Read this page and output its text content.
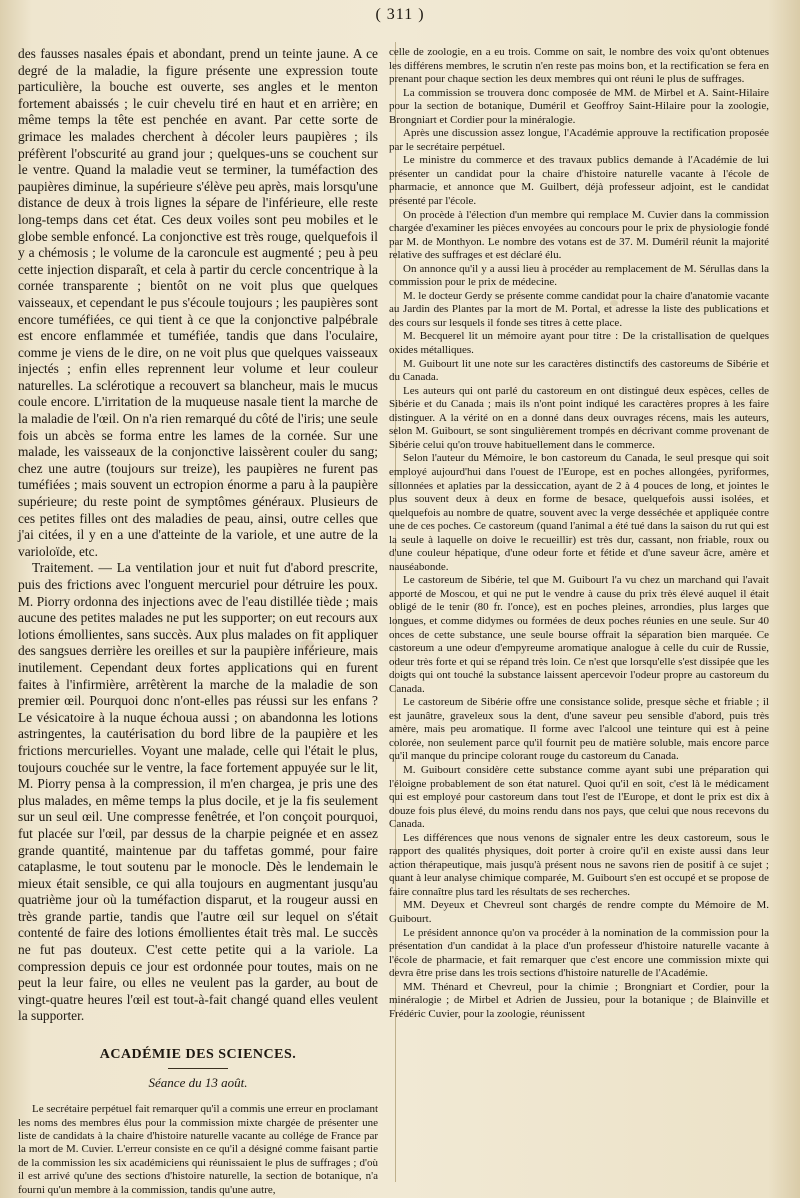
( 311 )

des fausses nasales épais et abondant, prend un teinte jaune. A ce degré de la maladie, la figure présente une expression toute particulière, la bouche est ouverte, ses angles et le menton fortement abaissés ; le cuir chevelu tiré en haut et en arrière; en même temps la tête est penchée en avant. Par cette sorte de grimace les malades cherchent à décoler leurs paupières ; ils préfèrent l'obscurité au grand jour ; quelques-uns se couchent sur le ventre. Quand la maladie veut se terminer, la tuméfaction des paupières diminue, la supérieure s'élève peu après, mais lorsqu'une distance de deux à trois lignes la sépare de l'inférieure, elle reste long-temps dans cet état. Ces deux voiles sont peu mobiles et le globe semble enfoncé. La conjonctive est très rouge, quelquefois il y a chémosis ; le volume de la caroncule est augmenté ; peu à peu cette injection disparaît, et cela à partir du cercle concentrique à la cornée transparente ; bientôt on ne voit plus que quelques vaisseaux, et cependant le pus s'écoule toujours ; les paupières sont encore tuméfiées, ce qui tient à ce que la conjonctive palpébrale est encore enflammée et tuméfiée, tandis que dans l'oculaire, comme je viens de le dire, on ne voit plus que quelques vaisseaux injectés ; enfin elles reprennent leur volume et leur couleur naturelles. La sclérotique a recouvert sa blancheur, mais le mucus coule encore. L'irritation de la muqueuse nasale tient la marche de la maladie de l'œil. On n'a rien remarqué du côté de l'iris; une seule fois un abcès se forma entre les lames de la cornée. Sur une malade, les vaisseaux de la conjonctive laissèrent couler du sang; chez une autre (toujours sur treize), les paupières ne furent pas tuméfiées ; mais souvent un ectropion énorme a paru à la paupière supérieure; du reste point de symptômes généraux. Plusieurs de ces petites filles ont des maladies de peau, ainsi, outre celles que j'ai citées, il y en a une d'atteinte de la variole, et une autre de la varioloïde, etc.

Traitement. — La ventilation jour et nuit fut d'abord prescrite, puis des frictions avec l'onguent mercuriel pour détruire les poux. M. Piorry ordonna des injections avec de l'eau distillée tiède ; mais aucune des petites malades ne put les supporter; on eut recours aux lotions émollientes, sans succès. Aux plus malades on fit appliquer des sangsues derrière les oreilles et sur la paupière inférieure, mais inutilement. Cependant deux fortes applications qui en furent faites à l'infirmière, arrêtèrent la marche de la maladie de son premier œil. Pourquoi donc n'ont-elles pas réussi sur les enfans ? Le vésicatoire à la nuque échoua aussi ; on abandonna les lotions astringentes, la cautérisation du bord libre de la paupière et les frictions mercurielles. Voyant une malade, celle qui l'était le plus, toujours couchée sur le ventre, la face fortement appuyée sur le lit, M. Piorry pensa à la compression, il m'en chargea, je pris une des plus malades, en même temps la plus docile, et je la fis seulement sur un seul œil. Une compresse fenêtrée, et l'on conçoit pourquoi, fut placée sur l'œil, par dessus de la charpie peignée et en assez grande quantité, maintenue par du taffetas gommé, pour faire cataplasme, le tout soutenu par le monocle. Dès le lendemain le mieux était sensible, ce qui alla toujours en augmentant jusqu'au quatrième jour où la tuméfaction disparut, et la rougeur aussi en très grande partie, tandis que l'autre œil sur lequel on s'était contenté de faire des lotions émollientes était très mal. Le succès ne fut pas douteux. C'est cette petite qui a la variole. La compression depuis ce jour est ordonnée pour toutes, mais on ne peut la leur faire, ou elles ne veulent pas la garder, au bout de vingt-quatre heures l'œil est tout-à-fait changé quand elles veulent la supporter.

ACADÉMIE DES SCIENCES.
Séance du 13 août.

Le secrétaire perpétuel fait remarquer qu'il a commis une erreur en proclamant les noms des membres élus pour la commission mixte chargée de présenter une liste de candidats à la chaire d'histoire naturelle vacante au collége de France par la mort de M. Cuvier. L'erreur consiste en ce qu'il a désigné comme faisant partie de la commission les six académiciens qui réunissaient le plus de suffrages ; d'où il est arrivé qu'une des sections d'histoire naturelle, la section de botanique, n'a fourni qu'un membre à la commission, tandis qu'une autre,

celle de zoologie, en a eu trois. Comme on sait, le nombre des voix qu'ont obtenues les différens membres, le scrutin n'en reste pas moins bon, et la rectification se fera en prenant pour chaque section les deux membres qui ont réuni le plus de suffrages.

La commission se trouvera donc composée de MM. de Mirbel et A. Saint-Hilaire pour la section de botanique, Duméril et Geoffroy Saint-Hilaire pour la zoologie, Brongniart et Cordier pour la minéralogie.

Après une discussion assez longue, l'Académie approuve la rectification proposée par le secrétaire perpétuel.

Le ministre du commerce et des travaux publics demande à l'Académie de lui présenter un candidat pour la chaire d'histoire naturelle vacante à l'école de pharmacie, et annonce que M. Guilbert, déjà professeur adjoint, est le candidat présenté par l'école.

On procède à l'élection d'un membre qui remplace M. Cuvier dans la commission chargée d'examiner les pièces envoyées au concours pour le prix de physiologie fondé par M. de Monthyon. Le nombre des votans est de 37. M. Duméril réunit la majorité relative des suffrages et est déclaré élu.

On annonce qu'il y a aussi lieu à procéder au remplacement de M. Sérullas dans la commission pour le prix de médecine.

M. le docteur Gerdy se présente comme candidat pour la chaire d'anatomie vacante au Jardin des Plantes par la mort de M. Portal, et adresse la liste des publications et des cours sur lesquels il fonde ses titres à cette place.

M. Becquerel lit un mémoire ayant pour titre : De la cristallisation de quelques oxides métalliques.

M. Guibourt lit une note sur les caractères distinctifs des castoreums de Sibérie et du Canada.

Les auteurs qui ont parlé du castoreum en ont distingué deux espèces, celles de Sibérie et du Canada ; mais ils n'ont point indiqué les caractères propres à les faire distinguer. A la vérité on en a donné dans deux ouvrages récens, mais les auteurs, selon M. Guibourt, se sont singulièrement trompés en décrivant comme provenant de Sibérie celui qu'on trouve habituellement dans le commerce.

Selon l'auteur du Mémoire, le bon castoreum du Canada, le seul presque qui soit employé aujourd'hui dans l'ouest de l'Europe, est en poches allongées, pyriformes, sillonnées et aplaties par la dessiccation, ayant de 2 à 4 pouces de long, et jointes le plus souvent deux à deux en forme de besace, quelquefois aussi isolées, et quelquefois au nombre de quatre, souvent avec la verge desséchée et appliquée contre une de ces poches. Ce castoreum (quand l'animal a été tué dans la saison du rut qui est la seule à laquelle on doive le recueillir) est très dur, cassant, non friable, roux ou d'une couleur hépatique, d'une odeur forte et fétide et d'une saveur âcre, amère et nauséabonde.

Le castoreum de Sibérie, tel que M. Guibourt l'a vu chez un marchand qui l'avait apporté de Moscou, et qui ne put le vendre à cause du prix très élevé auquel il était obligé de le tenir (80 fr. l'once), est en poches pleines, arrondies, plus larges que longues, et comme didymes ou formées de deux poches réunies en une seule. Sur 40 onces de cette substance, une seule bourse offrait la séparation bien marquée. Ce castoreum a une odeur d'empyreume aromatique analogue à celle du cuir de Russie, odeur très forte et qui se répand très loin. Ce n'est que lorsqu'elle s'est dissipée que les doigts qui ont touché la substance laissent apercevoir l'odeur propre au castoreum du Canada.

Le castoreum de Sibérie offre une consistance solide, presque sèche et friable ; il est jaunâtre, graveleux sous la dent, d'une saveur peu sensible d'abord, puis très amère, mais peu aromatique. Il forme avec l'alcool une teinture qui est à peine colorée, non seulement parce qu'il fournit peu de matière soluble, mais encore parce qu'il manque du principe colorant rouge du castoreum du Canada.

M. Guibourt considère cette substance comme ayant subi une préparation qui l'éloigne probablement de son état naturel. Quoi qu'il en soit, c'est là le médicament qui est employé pour castoreum dans tout l'est de l'Europe, et dont le prix est dix à douze fois plus élevé, du moins rendu dans nos pays, que celui que nous recevons du Canada.

Les différences que nous venons de signaler entre les deux castoreum, sous le rapport des qualités physiques, doit porter à croire qu'il en existe aussi dans leur action thérapeutique, mais jusqu'à présent nous ne savons rien de positif à ce sujet ; quant à leur analyse chimique comparée, M. Guibourt s'en est occupé et se propose de faire connaître plus tard les résultats de ses recherches.

MM. Deyeux et Chevreul sont chargés de rendre compte du Mémoire de M. Guibourt.

Le président annonce qu'on va procéder à la nomination de la commission pour la présentation d'un candidat à la place d'un professeur d'histoire naturelle vacante à l'école de pharmacie, et fait remarquer que c'est encore une commission mixte qui devra être prise dans les trois sections d'histoire naturelle de l'Académie.

MM. Thénard et Chevreul, pour la chimie ; Brongniart et Cordier, pour la minéralogie ; de Mirbel et Adrien de Jussieu, pour la botanique ; de Blainville et Frédéric Cuvier, pour la zoologie, réunissent
